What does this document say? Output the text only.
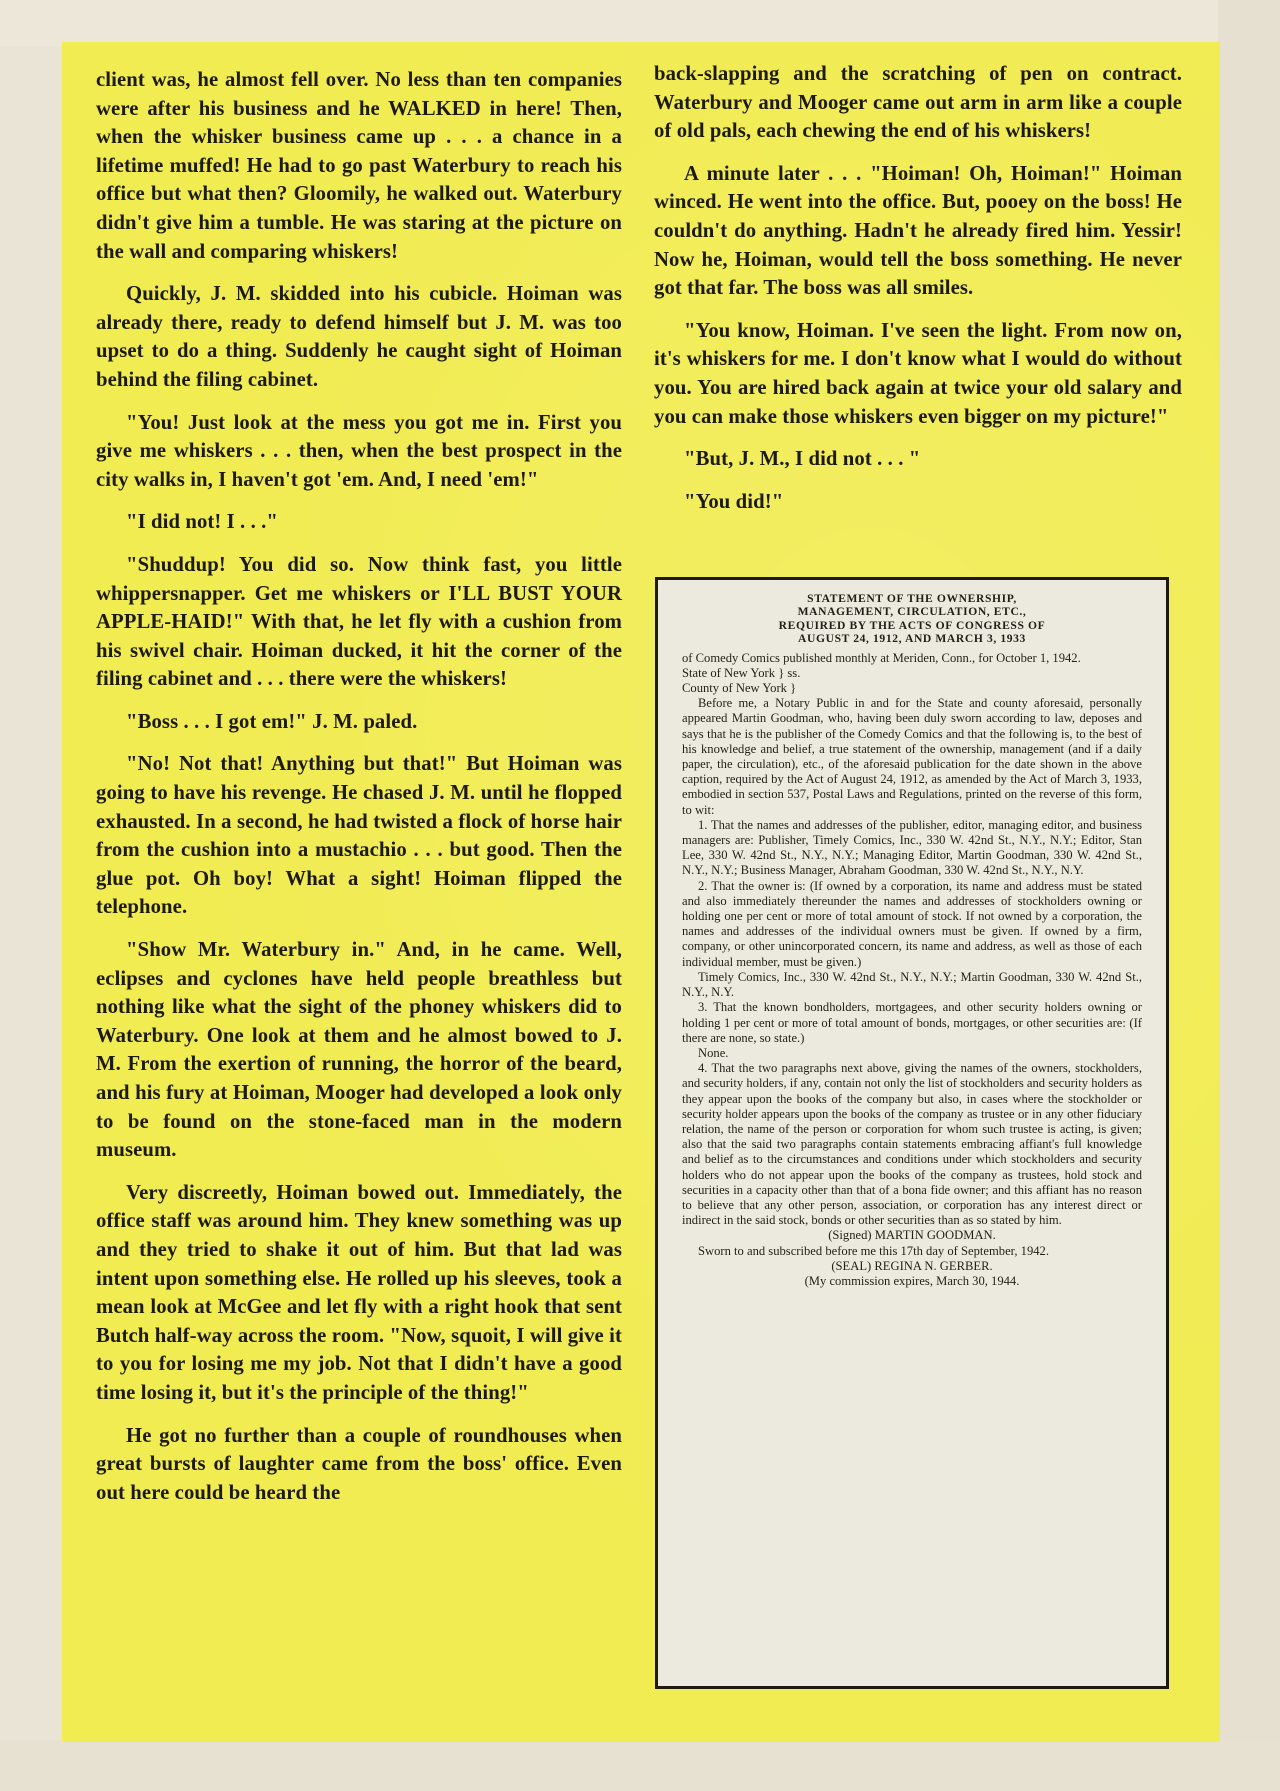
client was, he almost fell over. No less than ten companies were after his business and he WALKED in here! Then, when the whisker business came up . . . a chance in a lifetime muffed! He had to go past Waterbury to reach his office but what then? Gloomily, he walked out. Waterbury didn't give him a tumble. He was staring at the picture on the wall and comparing whiskers!

Quickly, J. M. skidded into his cubicle. Hoiman was already there, ready to defend himself but J. M. was too upset to do a thing. Suddenly he caught sight of Hoiman behind the filing cabinet.

"You! Just look at the mess you got me in. First you give me whiskers . . . then, when the best prospect in the city walks in, I haven't got 'em. And, I need 'em!"

"I did not! I . . ."

"Shuddup! You did so. Now think fast, you little whippersnapper. Get me whiskers or I'LL BUST YOUR APPLE-HAID!" With that, he let fly with a cushion from his swivel chair. Hoiman ducked, it hit the corner of the filing cabinet and . . . there were the whiskers!

"Boss . . . I got em!" J. M. paled.

"No! Not that! Anything but that!" But Hoiman was going to have his revenge. He chased J. M. until he flopped exhausted. In a second, he had twisted a flock of horse hair from the cushion into a mustachio . . . but good. Then the glue pot. Oh boy! What a sight! Hoiman flipped the telephone.

"Show Mr. Waterbury in." And, in he came. Well, eclipses and cyclones have held people breathless but nothing like what the sight of the phoney whiskers did to Waterbury. One look at them and he almost bowed to J. M. From the exertion of running, the horror of the beard, and his fury at Hoiman, Mooger had developed a look only to be found on the stone-faced man in the modern museum.

Very discreetly, Hoiman bowed out. Immediately, the office staff was around him. They knew something was up and they tried to shake it out of him. But that lad was intent upon something else. He rolled up his sleeves, took a mean look at McGee and let fly with a right hook that sent Butch half-way across the room. "Now, squoit, I will give it to you for losing me my job. Not that I didn't have a good time losing it, but it's the principle of the thing!"

He got no further than a couple of roundhouses when great bursts of laughter came from the boss' office. Even out here could be heard the

back-slapping and the scratching of pen on contract. Waterbury and Mooger came out arm in arm like a couple of old pals, each chewing the end of his whiskers!

A minute later . . . "Hoiman! Oh, Hoiman!" Hoiman winced. He went into the office. But, pooey on the boss! He couldn't do anything. Hadn't he already fired him. Yessir! Now he, Hoiman, would tell the boss something. He never got that far. The boss was all smiles.

"You know, Hoiman. I've seen the light. From now on, it's whiskers for me. I don't know what I would do without you. You are hired back again at twice your old salary and you can make those whiskers even bigger on my picture!"

"But, J. M., I did not . . . "

"You did!"

STATEMENT OF THE OWNERSHIP,
MANAGEMENT, CIRCULATION, ETC.,
REQUIRED BY THE ACTS OF CONGRESS OF
AUGUST 24, 1912, AND MARCH 3, 1933

of Comedy Comics published monthly at Meriden, Conn., for October 1, 1942.

State of New York } ss.

County of New York }

Before me, a Notary Public in and for the State and county aforesaid, personally appeared Martin Goodman, who, having been duly sworn according to law, deposes and says that he is the publisher of the Comedy Comics and that the following is, to the best of his knowledge and belief, a true statement of the ownership, management (and if a daily paper, the circulation), etc., of the aforesaid publication for the date shown in the above caption, required by the Act of August 24, 1912, as amended by the Act of March 3, 1933, embodied in section 537, Postal Laws and Regulations, printed on the reverse of this form, to wit:

1. That the names and addresses of the publisher, editor, managing editor, and business managers are: Publisher, Timely Comics, Inc., 330 W. 42nd St., N.Y., N.Y.; Editor, Stan Lee, 330 W. 42nd St., N.Y., N.Y.; Managing Editor, Martin Goodman, 330 W. 42nd St., N.Y., N.Y.; Business Manager, Abraham Goodman, 330 W. 42nd St., N.Y., N.Y.

2. That the owner is: (If owned by a corporation, its name and address must be stated and also immediately thereunder the names and addresses of stockholders owning or holding one per cent or more of total amount of stock. If not owned by a corporation, the names and addresses of the individual owners must be given. If owned by a firm, company, or other unincorporated concern, its name and address, as well as those of each individual member, must be given.)

Timely Comics, Inc., 330 W. 42nd St., N.Y., N.Y.; Martin Goodman, 330 W. 42nd St., N.Y., N.Y.

3. That the known bondholders, mortgagees, and other security holders owning or holding 1 per cent or more of total amount of bonds, mortgages, or other securities are: (If there are none, so state.)

None.

4. That the two paragraphs next above, giving the names of the owners, stockholders, and security holders, if any, contain not only the list of stockholders and security holders as they appear upon the books of the company but also, in cases where the stockholder or security holder appears upon the books of the company as trustee or in any other fiduciary relation, the name of the person or corporation for whom such trustee is acting, is given; also that the said two paragraphs contain statements embracing affiant's full knowledge and belief as to the circumstances and conditions under which stockholders and security holders who do not appear upon the books of the company as trustees, hold stock and securities in a capacity other than that of a bona fide owner; and this affiant has no reason to believe that any other person, association, or corporation has any interest direct or indirect in the said stock, bonds or other securities than as so stated by him.

(Signed) MARTIN GOODMAN.

Sworn to and subscribed before me this 17th day of September, 1942.

(SEAL) REGINA N. GERBER.

(My commission expires, March 30, 1944.
